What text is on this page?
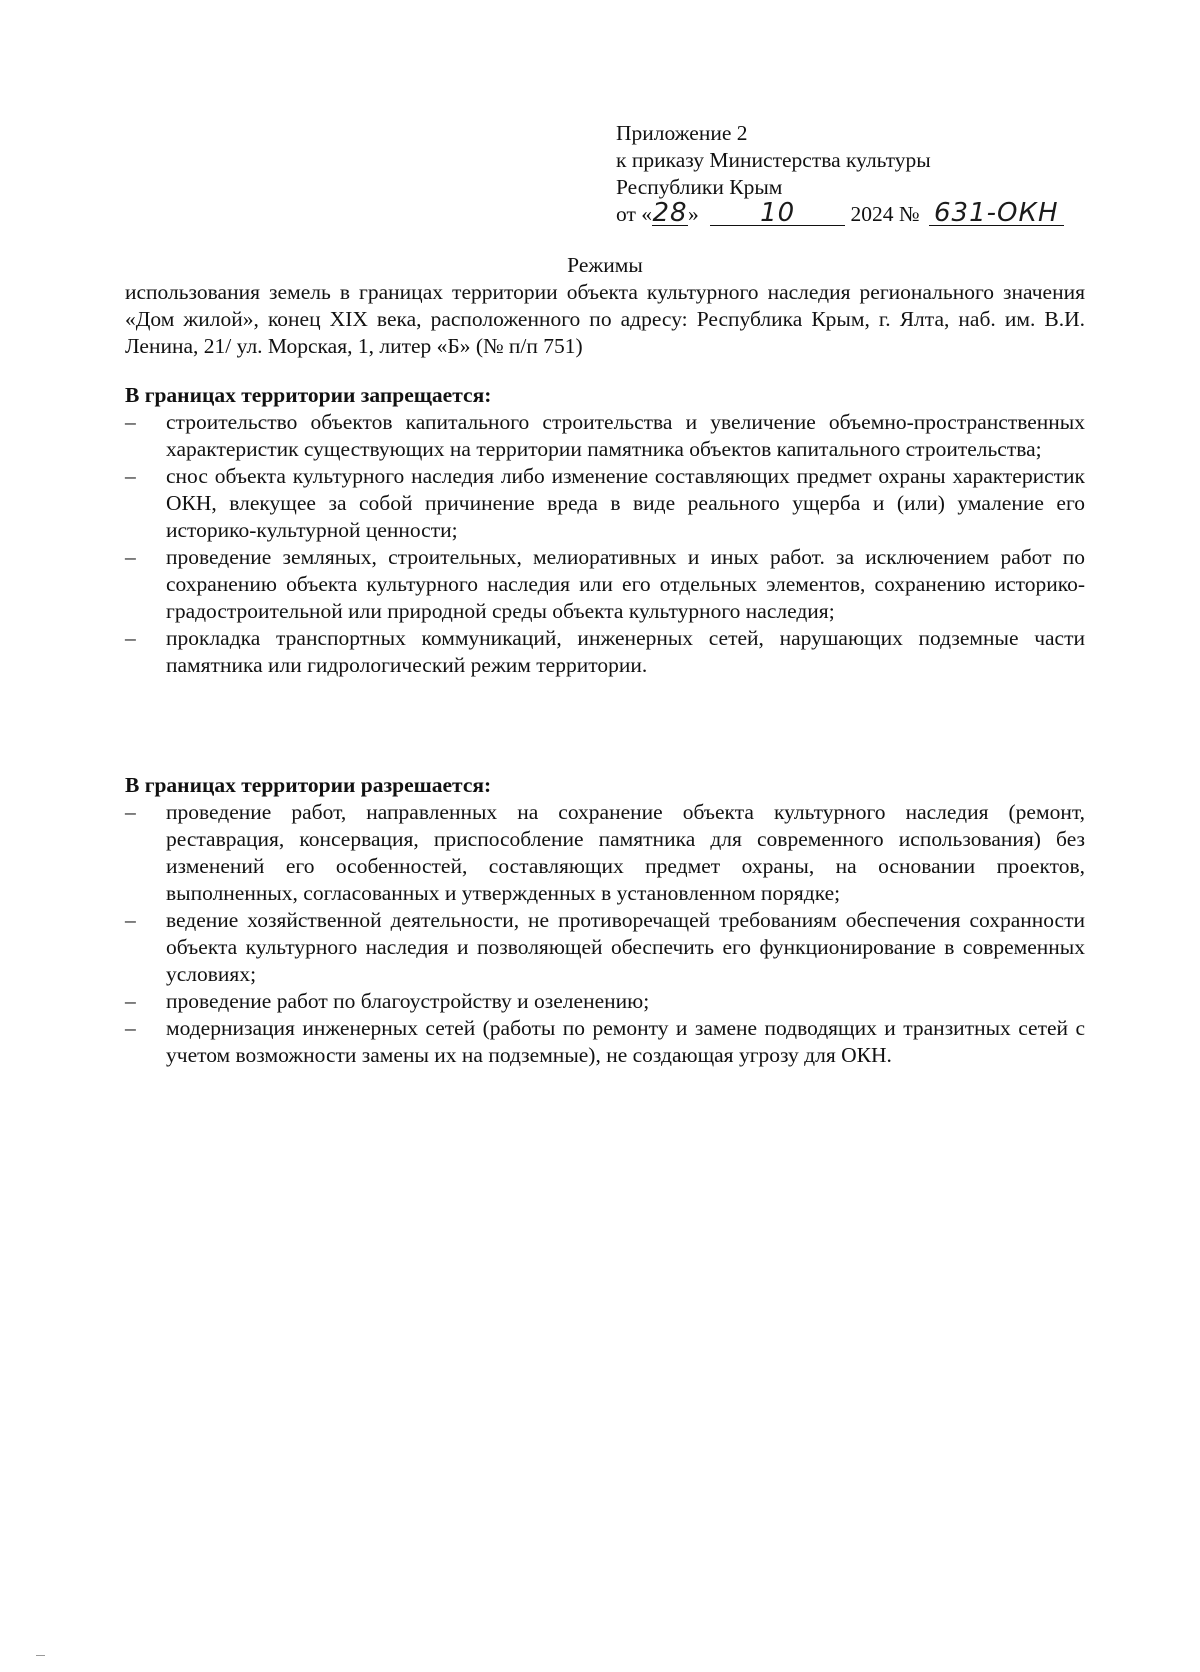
Приложение 2
к приказу Министерства культуры
Республики Крым
от «28» 10	2024 № 631-ОКН
Режимы
использования земель в границах территории объекта культурного наследия регионального значения «Дом жилой», конец XIX века, расположенного по адресу: Республика Крым, г. Ялта, наб. им. В.И. Ленина, 21/ ул. Морская, 1, литер «Б» (№ п/п 751)
В границах территории запрещается:
–	строительство объектов капитального строительства и увеличение объемно-пространственных характеристик существующих на территории памятника объектов капитального строительства;
–	снос объекта культурного наследия либо изменение составляющих предмет охраны характеристик ОКН, влекущее за собой причинение вреда в виде реального ущерба и (или) умаление его историко-культурной ценности;
–	проведение земляных, строительных, мелиоративных и иных работ. за исключением работ по сохранению объекта культурного наследия или его отдельных элементов, сохранению историко-градостроительной или природной среды объекта культурного наследия;
–	прокладка транспортных коммуникаций, инженерных сетей, нарушающих подземные части памятника или гидрологический режим территории.
В границах территории разрешается:
–	проведение работ, направленных на сохранение объекта культурного наследия (ремонт, реставрация, консервация, приспособление памятника для современного использования) без изменений его особенностей, составляющих предмет охраны, на основании проектов, выполненных, согласованных и утвержденных в установленном порядке;
–	ведение хозяйственной деятельности, не противоречащей требованиям обеспечения сохранности объекта культурного наследия и позволяющей обеспечить его функционирование в современных условиях;
–	проведение работ по благоустройству и озеленению;
–	модернизация инженерных сетей (работы по ремонту и замене подводящих и транзитных сетей с учетом возможности замены их на подземные), не создающая угрозу для ОКН.
